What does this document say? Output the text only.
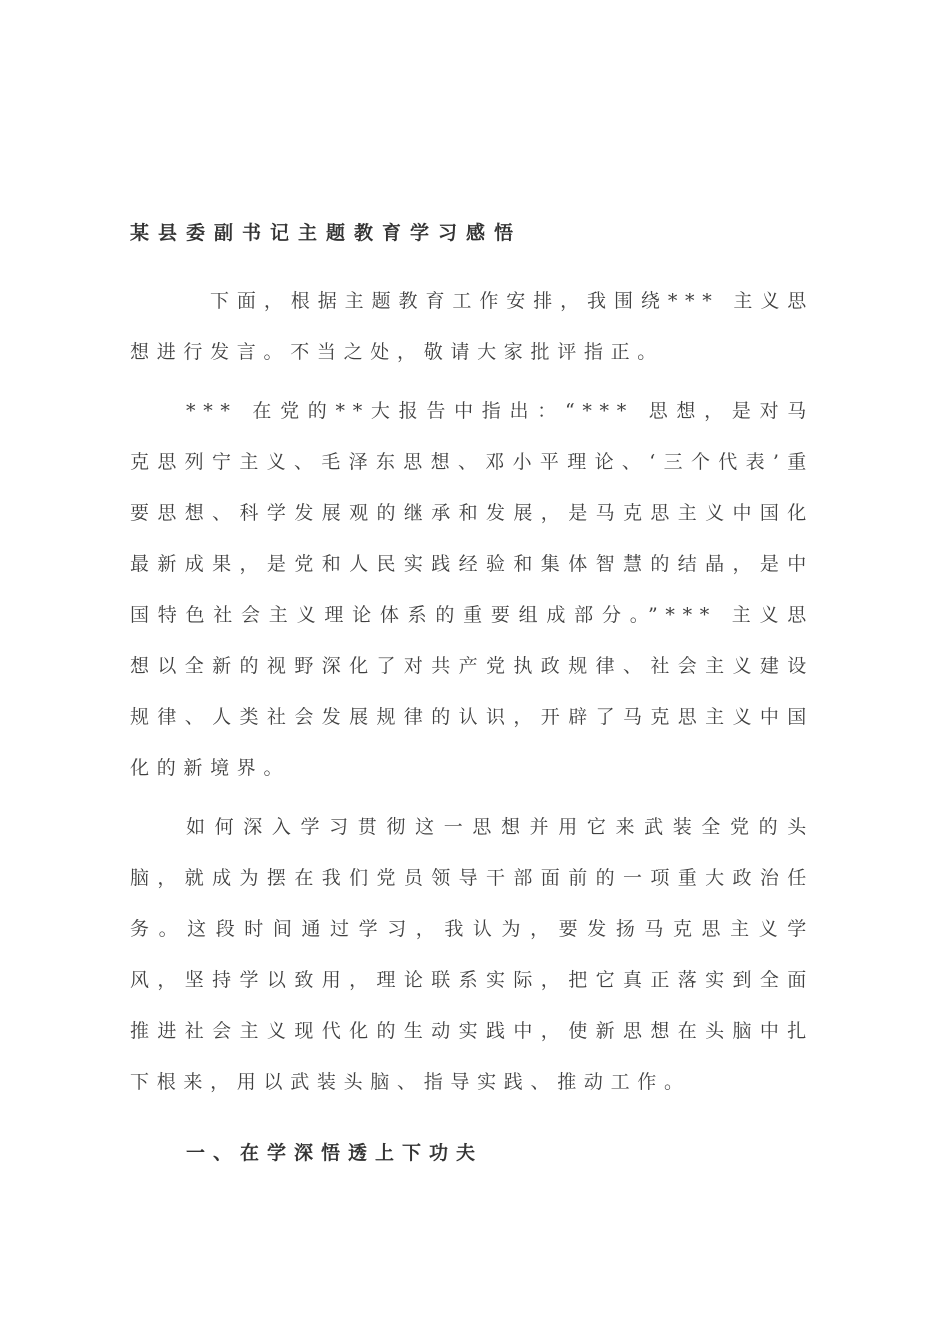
某县委副书记主题教育学习感悟

下面，根据主题教育工作安排，我围绕*** 主义思想进行发言。不当之处，敬请大家批评指正。

*** 在党的**大报告中指出：“*** 思想，是对马克思列宁主义、毛泽东思想、邓小平理论、‘三个代表’重要思想、科学发展观的继承和发展，是马克思主义中国化最新成果，是党和人民实践经验和集体智慧的结晶，是中国特色社会主义理论体系的重要组成部分。”*** 主义思想以全新的视野深化了对共产党执政规律、社会主义建设规律、人类社会发展规律的认识，开辟了马克思主义中国化的新境界。

如何深入学习贯彻这一思想并用它来武装全党的头脑，就成为摆在我们党员领导干部面前的一项重大政治任务。这段时间通过学习，我认为，要发扬马克思主义学风，坚持学以致用，理论联系实际，把它真正落实到全面推进社会主义现代化的生动实践中，使新思想在头脑中扎下根来，用以武装头脑、指导实践、推动工作。

一、在学深悟透上下功夫
